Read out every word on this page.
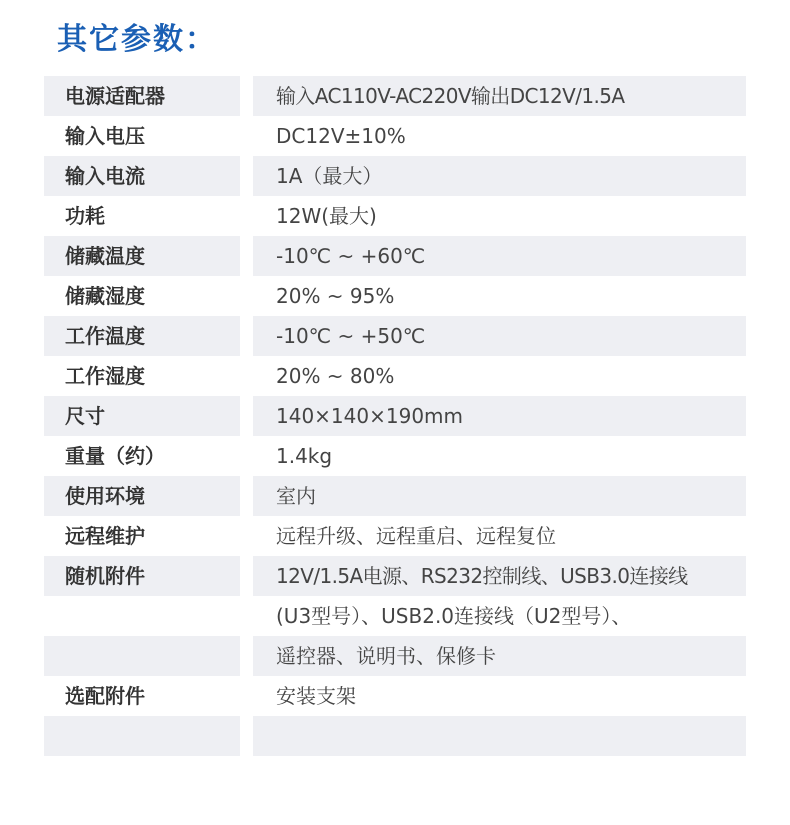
其它参数：
电源适配器	输入AC110V-AC220V输出DC12V/1.5A
输入电压	DC12V±10%
输入电流	1A（最大）
功耗	12W(最大)
储藏温度	-10℃ ~ +60℃
储藏湿度	20% ~ 95%
工作温度	-10℃ ~ +50℃
工作湿度	20% ~ 80%
尺寸	140×140×190mm
重量（约）	1.4kg
使用环境	室内
远程维护	远程升级、远程重启、远程复位
随机附件	12V/1.5A电源、RS232控制线、USB3.0连接线
(U3型号）、USB2.0连接线（U2型号）、
遥控器、说明书、保修卡
选配附件	安装支架
